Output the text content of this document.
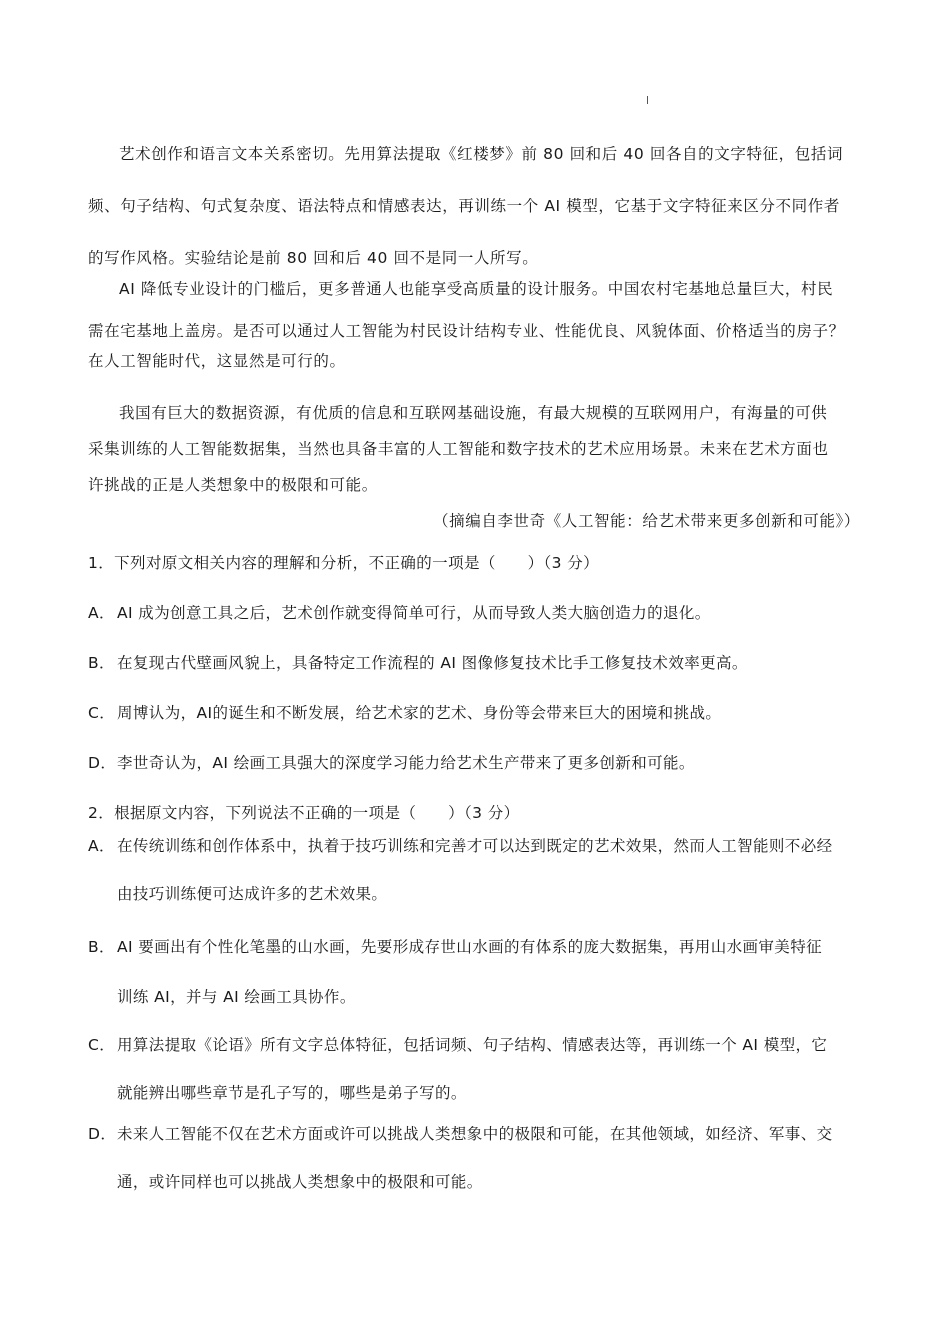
艺术创作和语言文本关系密切。先用算法提取《红楼梦》前 80 回和后 40 回各自的文字特征，包括词
频、句子结构、句式复杂度、语法特点和情感表达，再训练一个 AI 模型，它基于文字特征来区分不同作者
的写作风格。实验结论是前 80 回和后 40 回不是同一人所写。
AI 降低专业设计的门槛后，更多普通人也能享受高质量的设计服务。中国农村宅基地总量巨大，村民
需在宅基地上盖房。是否可以通过人工智能为村民设计结构专业、性能优良、风貌体面、价格适当的房子？
在人工智能时代，这显然是可行的。
我国有巨大的数据资源，有优质的信息和互联网基础设施，有最大规模的互联网用户，有海量的可供
采集训练的人工智能数据集，当然也具备丰富的人工智能和数字技术的艺术应用场景。未来在艺术方面也
许挑战的正是人类想象中的极限和可能。
（摘编自李世奇《人工智能：给艺术带来更多创新和可能》）
1．下列对原文相关内容的理解和分析，不正确的一项是（　　）（3 分）
A． AI 成为创意工具之后，艺术创作就变得简单可行，从而导致人类大脑创造力的退化。
B． 在复现古代壁画风貌上，具备特定工作流程的 AI 图像修复技术比手工修复技术效率更高。
C． 周博认为，AI的诞生和不断发展，给艺术家的艺术、身份等会带来巨大的困境和挑战。
D． 李世奇认为，AI 绘画工具强大的深度学习能力给艺术生产带来了更多创新和可能。
2．根据原文内容，下列说法不正确的一项是（　　）（3 分）
A． 在传统训练和创作体系中，执着于技巧训练和完善才可以达到既定的艺术效果，然而人工智能则不必经
由技巧训练便可达成许多的艺术效果。
B． AI 要画出有个性化笔墨的山水画，先要形成存世山水画的有体系的庞大数据集，再用山水画审美特征
训练 AI，并与 AI 绘画工具协作。
C． 用算法提取《论语》所有文字总体特征，包括词频、句子结构、情感表达等，再训练一个 AI 模型，它
就能辨出哪些章节是孔子写的，哪些是弟子写的。
D． 未来人工智能不仅在艺术方面或许可以挑战人类想象中的极限和可能，在其他领域，如经济、军事、交
通，或许同样也可以挑战人类想象中的极限和可能。
